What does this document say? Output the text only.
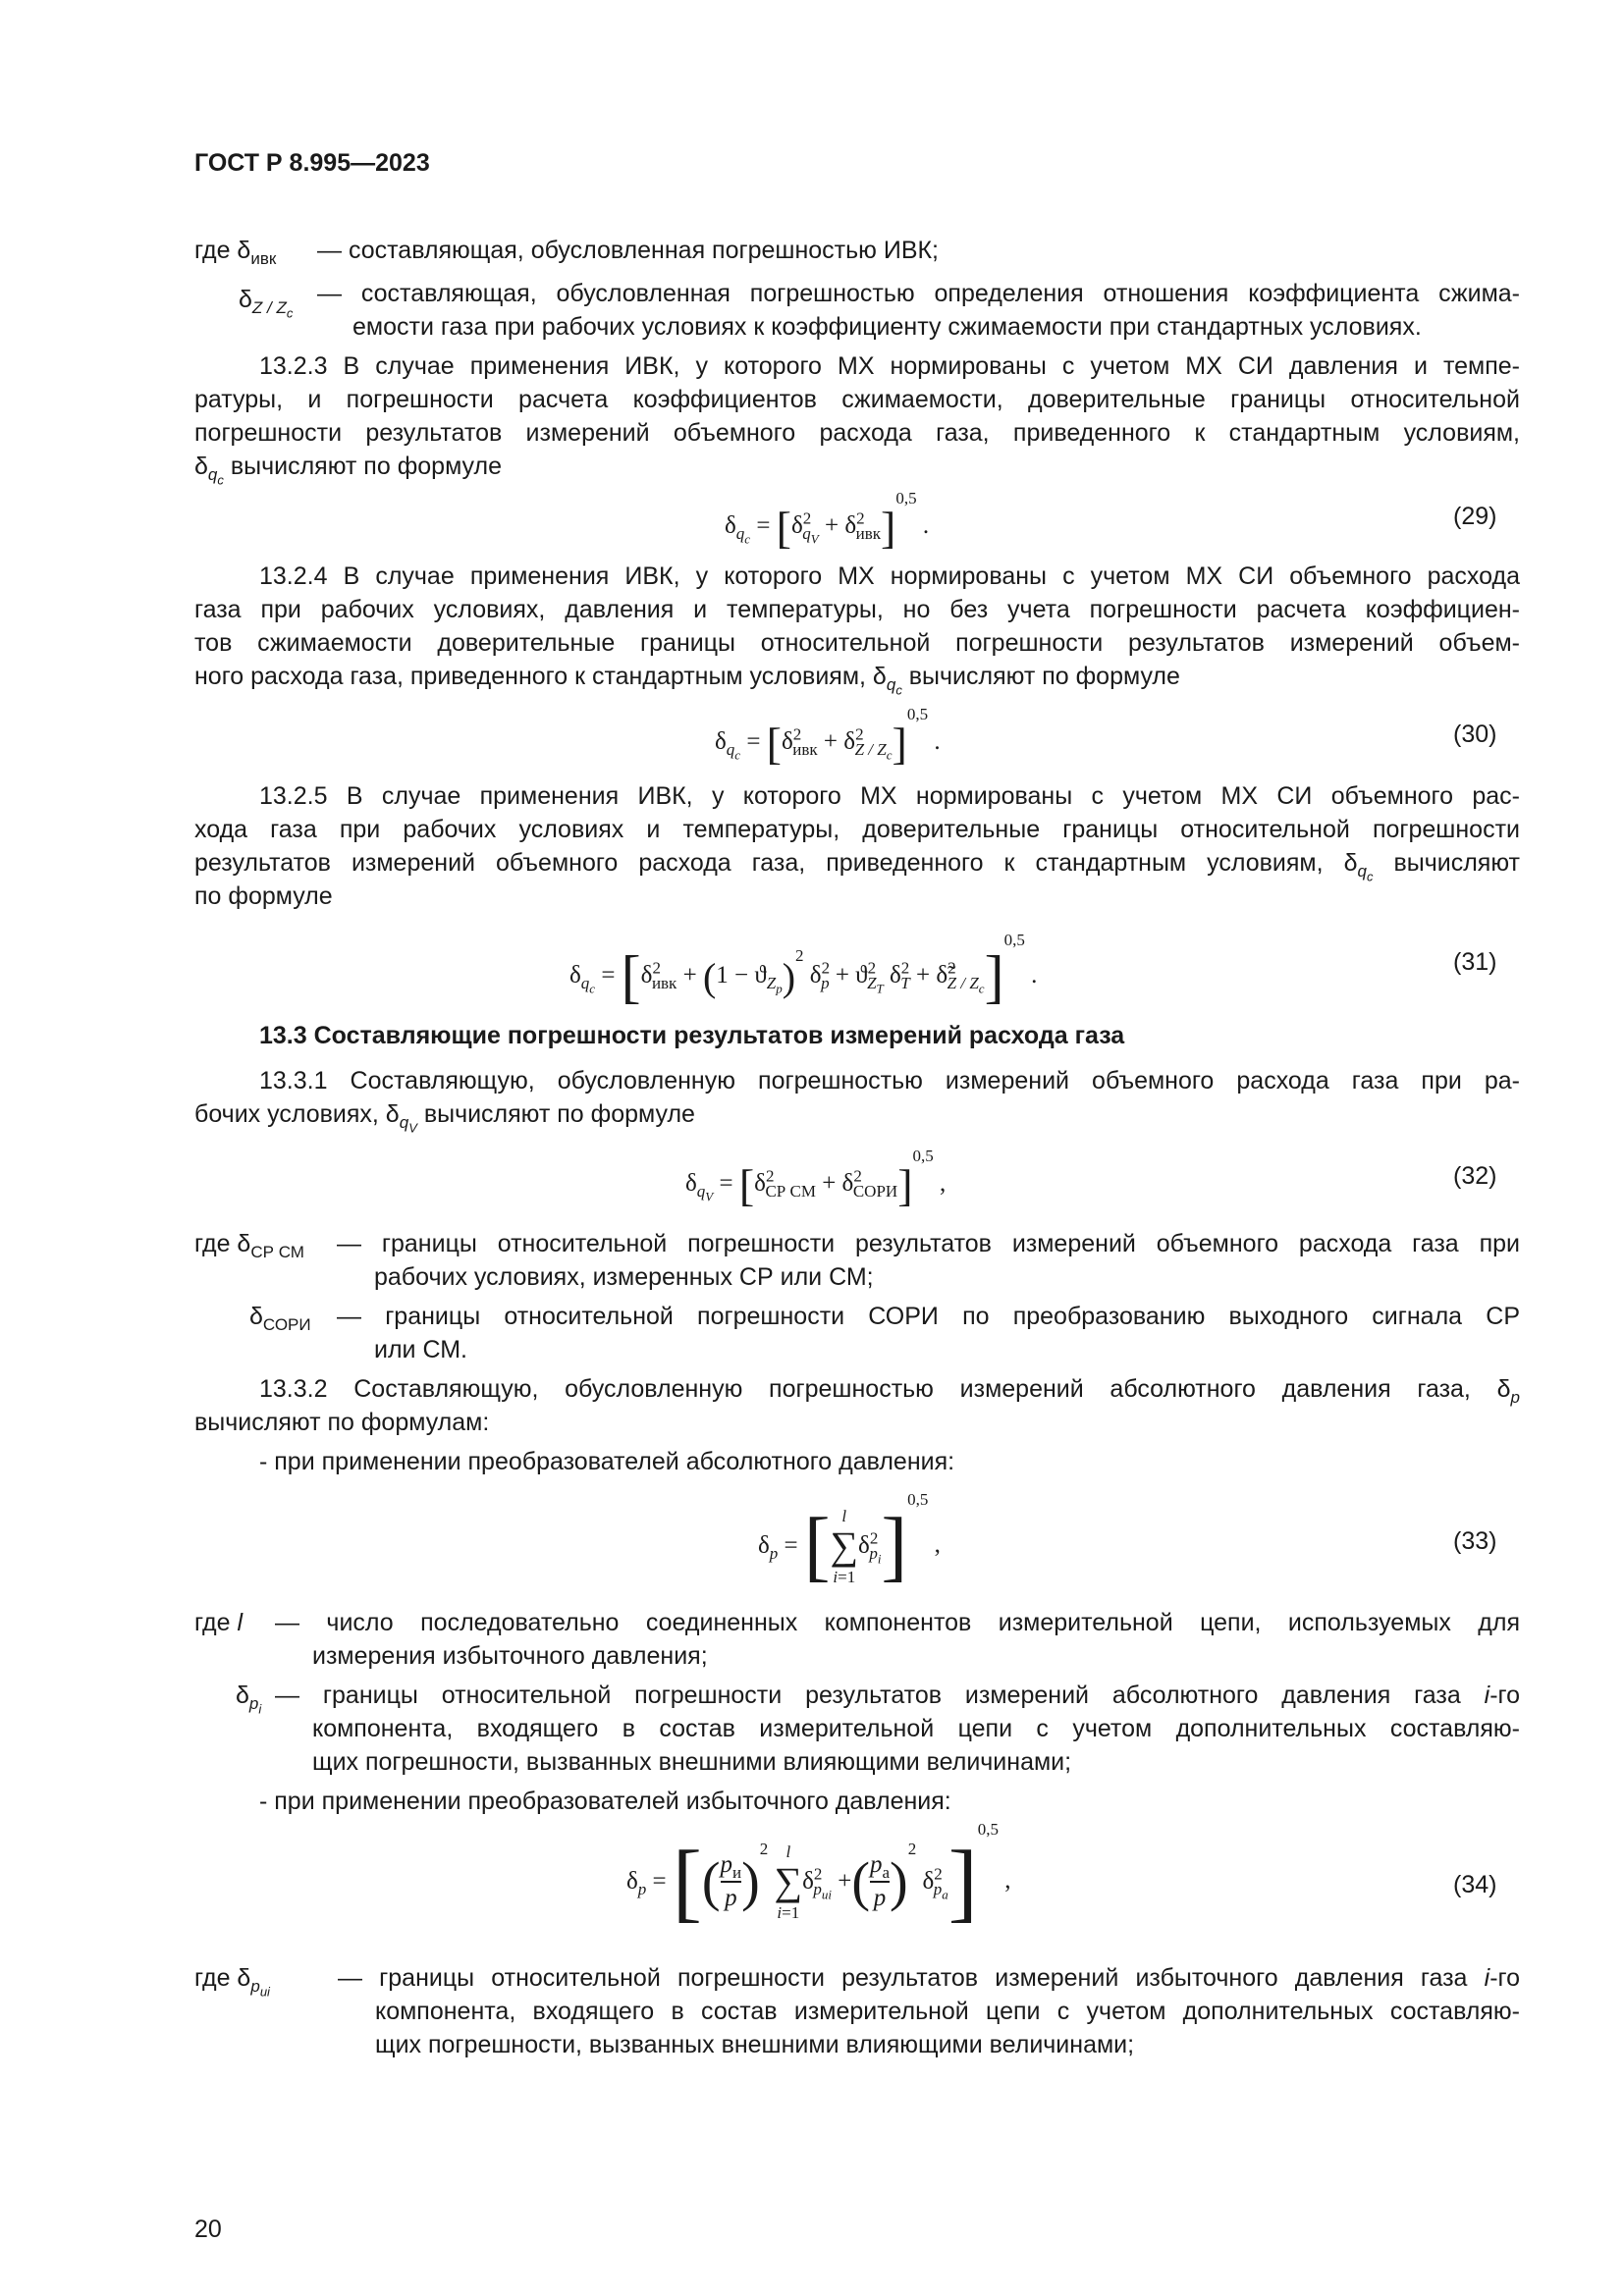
ГОСТ Р 8.995—2023
где $\delta_{ивк}$ — составляющая, обусловленная погрешностью ИВК;
$\delta_{Z / Z_c}$
— составляющая, обусловленная погрешностью определения отношения коэффициента сжима-
емости газа при рабочих условиях к коэффициенту сжимаемости при стандартных условиях.
13.2.3 В случае применения ИВК, у которого МХ нормированы с учетом МХ СИ давления и темпе-
ратуры, и погрешности расчета коэффициентов сжимаемости, доверительные границы относительной
погрешности результатов измерений объемного расхода газа, приведенного к стандартным условиям,
$\delta_{q_c}$ вычисляют по формуле
$\delta_{q_c} = [\delta^2_{q_V} + \delta^2_{ивк}]^{0,5}$ .	(29)
13.2.4 В случае применения ИВК, у которого МХ нормированы с учетом МХ СИ объемного расхода
газа при рабочих условиях, давления и температуры, но без учета погрешности расчета коэффициен-
тов сжимаемости доверительные границы относительной погрешности результатов измерений объем-
ного расхода газа, приведенного к стандартным условиям, $\delta_{q_c}$ вычисляют по формуле
$\delta_{q_c} = [\delta^2_{ивк} + \delta^2_{Z / Z_c}]^{0,5}$ .	(30)
13.2.5 В случае применения ИВК, у которого МХ нормированы с учетом МХ СИ объемного рас-
хода газа при рабочих условиях и температуры, доверительные границы относительной погрешности
результатов измерений объемного расхода газа, приведенного к стандартным условиям, $\delta_{q_c}$ вычисляют
по формуле
$\delta_{q_c} = [\delta^2_{ивк} + (1 - ϑ_{Z_p})^2$ $\delta^2_p + ϑ^2_{Z_T}$ $\delta^2_T$ + δ̃$^2_{Z / Z_c}$]$^{0,5}$ .	(31)
13.3 Составляющие погрешности результатов измерений расхода газа
13.3.1 Составляющую, обусловленную погрешностью измерений объемного расхода газа при ра-
бочих условиях, $\delta_{q_V}$ вычисляют по формуле
$\delta_{q_V} = [\delta^2_{СР СМ} + \delta^2_{СОРИ}]^{0,5}$ ,	(32)
где $\delta_{СР СМ}$ — границы относительной погрешности результатов измерений объемного расхода газа при
рабочих условиях, измеренных СР или СМ;
$\delta_{СОРИ}$ — границы относительной погрешности СОРИ по преобразованию выходного сигнала СР
или СМ.
13.3.2 Составляющую, обусловленную погрешностью измерений абсолютного давления газа, $\delta_p$
вычисляют по формулам:
- при применении преобразователей абсолютного давления:
$\delta_p$ = [ l
∑
$i=1\delta^2_{p_i}]^{0,5}$ ,	(33)
где l — число последовательно соединенных компонентов измерительной цепи, используемых для
измерения избыточного давления;
$\delta_{p_i}$ — границы относительной погрешности результатов измерений абсолютного давления газа i-го
компонента, входящего в состав измерительной цепи с учетом дополнительных составляю-
щих погрешности, вызванных внешними влияющими величинами;
- при применении преобразователей избыточного давления:
$\delta_p = [(p_и$

p)$^2$ l
∑
$i=1\delta^2_{p_{иi}} +(p_a$

p)$^2$ $\delta^2_{p_a}]^{0,5}$ ,	(34)
где $\delta_{p_{иi}}$	— границы относительной погрешности результатов измерений избыточного давления газа i-го
компонента, входящего в состав измерительной цепи с учетом дополнительных составляю-
щих погрешности, вызванных внешними влияющими величинами;
20
